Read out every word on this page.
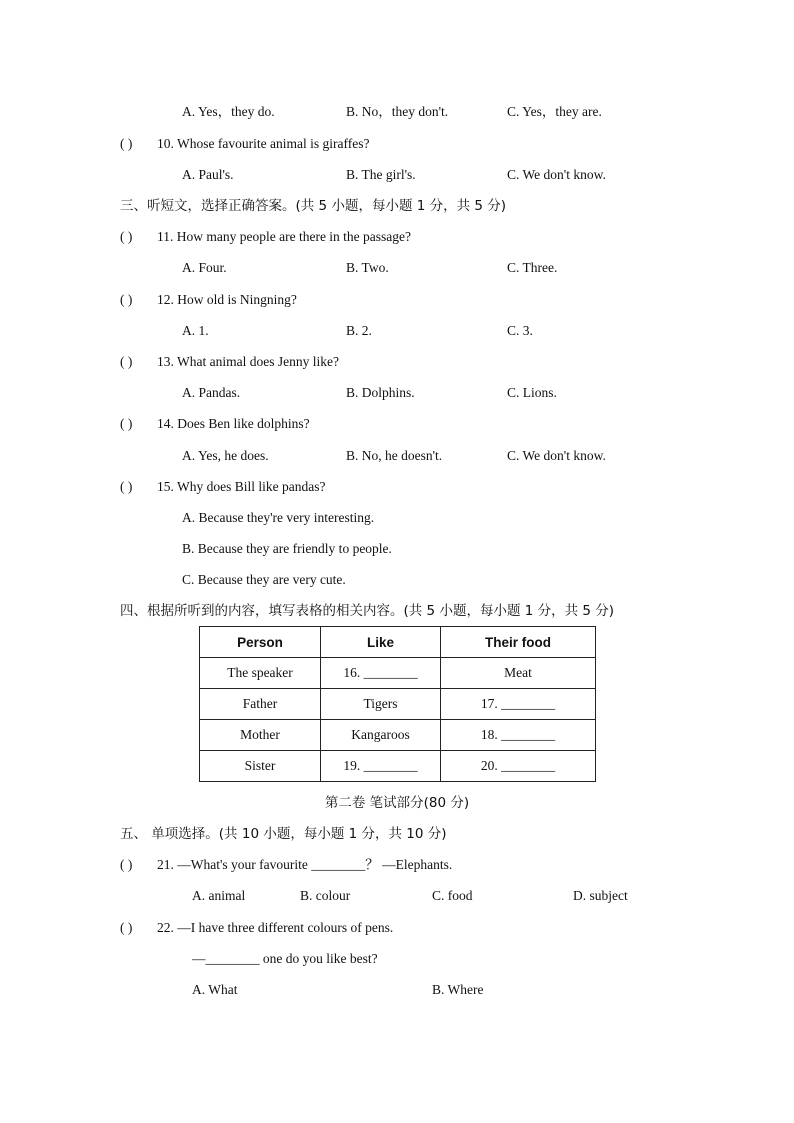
A. Yes，they do.	B. No，they don't.	C. Yes，they are.
( ) 10. Whose favourite animal is giraffes?
A. Paul's.	B. The girl's.	C. We don't know.
三、听短文，选择正确答案。(共 5 小题，每小题 1 分，共 5 分)
( ) 11. How many people are there in the passage?
A. Four.	B. Two.	C. Three.
( ) 12. How old is Ningning?
A. 1.	B. 2.	C. 3.
( ) 13. What animal does Jenny like?
A. Pandas.	B. Dolphins.	C. Lions.
( ) 14. Does Ben like dolphins?
A. Yes, he does.	B. No, he doesn't.	C. We don't know.
( ) 15. Why does Bill like pandas?
A. Because they're very interesting.
B. Because they are friendly to people.
C. Because they are very cute.
四、根据所听到的内容，填写表格的相关内容。(共 5 小题，每小题 1 分，共 5 分)
Person	Like	Their food
The speaker	16. ________	Meat
Father	Tigers	17. ________
Mother	Kangaroos	18. ________
Sister	19. ________	20. ________
第二卷 笔试部分(80 分)
五、 单项选择。(共 10 小题，每小题 1 分，共 10 分)
( ) 21. —What's your favourite ________？ —Elephants.
A. animal	B. colour	C. food	D. subject
( ) 22. —I have three different colours of pens.
—________ one do you like best?
A. What	B. Where
